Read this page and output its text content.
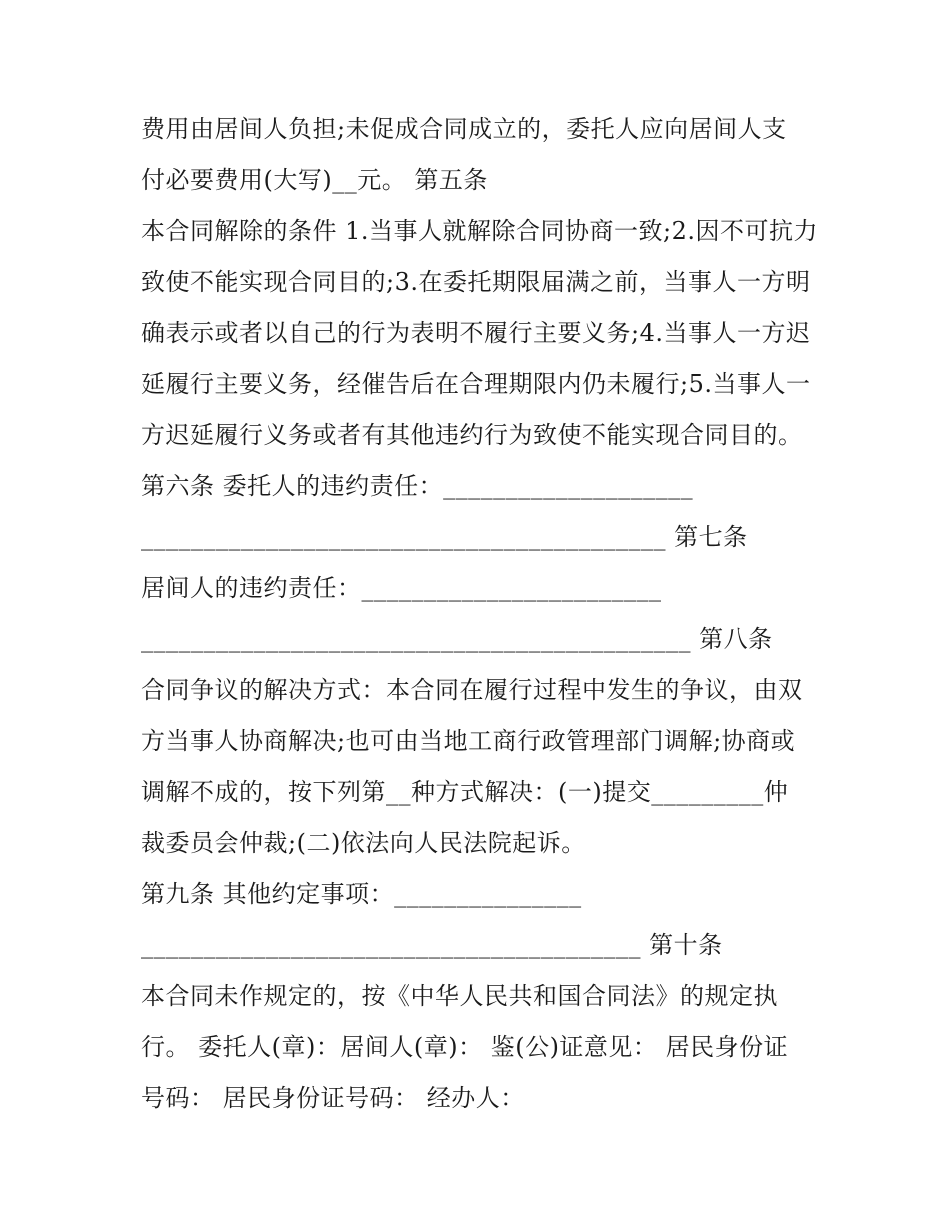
费用由居间人负担;未促成合同成立的，委托人应向居间人支
付必要费用(大写)__元。 第五条
本合同解除的条件 1.当事人就解除合同协商一致;2.因不可抗力
致使不能实现合同目的;3.在委托期限届满之前，当事人一方明
确表示或者以自己的行为表明不履行主要义务;4.当事人一方迟
延履行主要义务，经催告后在合理期限内仍未履行;5.当事人一
方迟延履行义务或者有其他违约行为致使不能实现合同目的。
第六条 委托人的违约责任：____________________
__________________________________________ 第七条
居间人的违约责任：________________________
____________________________________________ 第八条
合同争议的解决方式：本合同在履行过程中发生的争议，由双
方当事人协商解决;也可由当地工商行政管理部门调解;协商或
调解不成的，按下列第__种方式解决：(一)提交_________仲
裁委员会仲裁;(二)依法向人民法院起诉。
第九条 其他约定事项：_______________
________________________________________ 第十条
本合同未作规定的，按《中华人民共和国合同法》的规定执
行。 委托人(章)：居间人(章)： 鉴(公)证意见： 居民身份证
号码： 居民身份证号码： 经办人：
